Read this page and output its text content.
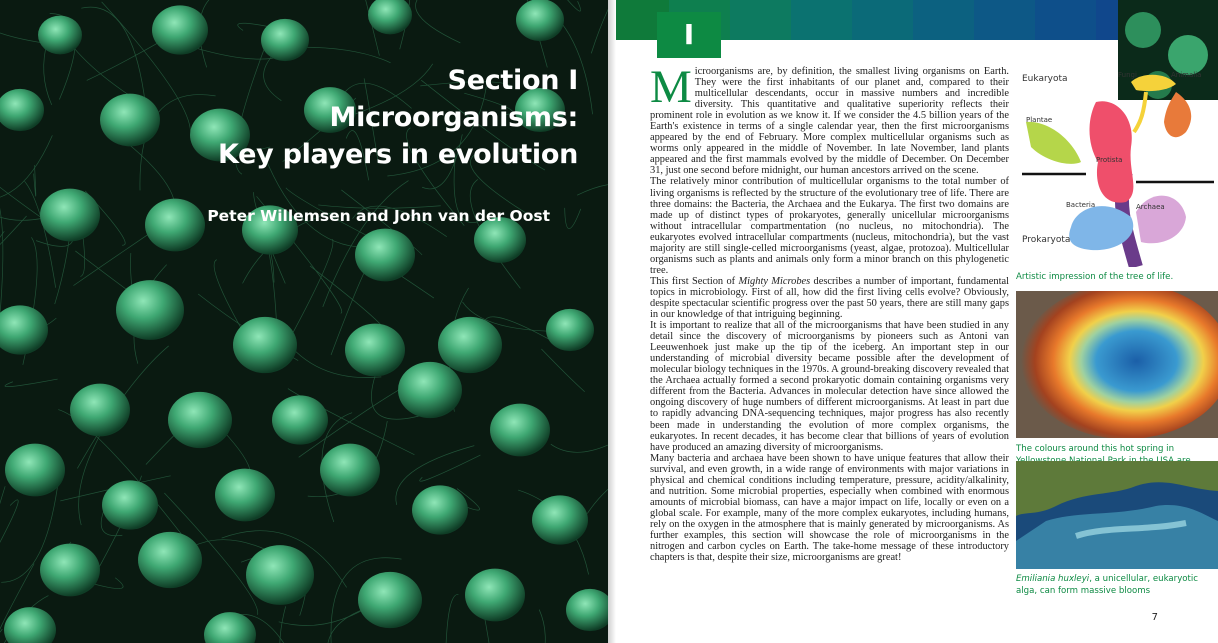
Section I
Microorganisms:
Key players in evolution
Peter Willemsen and John van der Oost
I

Microorganisms are, by definition, the smallest living organisms on Earth. They were the first inhabitants of our planet and, compared to their multicellular descendants, occur in massive numbers and incredible diversity. This quantitative and qualitative superiority reflects their prominent role in evolution as we know it. If we consider the 4.5 billion years of the Earth's existence in terms of a single calendar year, then the first microorganisms appeared by the end of February. More complex multicellular organisms such as worms only appeared in the middle of November. In late November, land plants appeared and the first mammals evolved by the middle of December. On December 31, just one second before midnight, our human ancestors arrived on the scene.

The relatively minor contribution of multicellular organisms to the total number of living organisms is reflected by the structure of the evolutionary tree of life. There are three domains: the Bacteria, the Archaea and the Eukarya. The first two domains are made up of distinct types of prokaryotes, generally unicellular microorganisms without intracellular compartmentation (no nucleus, no mitochondria). The eukaryotes evolved intracellular compartments (nucleus, mitochondria), but the vast majority are still single-celled microorganisms (yeast, algae, protozoa). Multicellular organisms such as plants and animals only form a minor branch on this phylogenetic tree.

This first Section of Mighty Microbes describes a number of important, fundamental topics in microbiology. First of all, how did the first living cells evolve? Obviously, despite spectacular scientific progress over the past 50 years, there are still many gaps in our knowledge of that intriguing beginning.

It is important to realize that all of the microorganisms that have been studied in any detail since the discovery of microorganisms by pioneers such as Antoni van Leeuwenhoek just make up the tip of the iceberg. An important step in our understanding of microbial diversity became possible after the development of molecular biology techniques in the 1970s. A ground-breaking discovery revealed that the Archaea actually formed a second prokaryotic domain containing organisms very different from the Bacteria. Advances in molecular detection have since allowed the ongoing discovery of huge numbers of different microorganisms. At least in part due to rapidly advancing DNA-sequencing techniques, major progress has also recently been made in understanding the evolution of more complex organisms, the eukaryotes. In recent decades, it has become clear that billions of years of evolution have produced an amazing diversity of microorganisms.

Many bacteria and archaea have been shown to have unique features that allow their survival, and even growth, in a wide range of environments with major variations in physical and chemical conditions including temperature, pressure, acidity/alkalinity, and nutrition. Some microbial properties, especially when combined with enormous amounts of microbial biomass, can have a major impact on life, locally or even on a global scale. For example, many of the more complex eukaryotes, including humans, rely on the oxygen in the atmosphere that is mainly generated by microorganisms. As further examples, this section will showcase the role of microorganisms in the nitrogen and carbon cycles on Earth. The take-home message of these introductory chapters is that, despite their size, microorganisms are great!

Eukaryota	Fungi	Animalia
Plantae
Protista
Bacteria	Archaea
Prokaryota
Artistic impression of the tree of life.
The colours around this hot spring in
Emiliania huxleyi, a unicellular, eukaryotic alga, can form massive blooms
7
